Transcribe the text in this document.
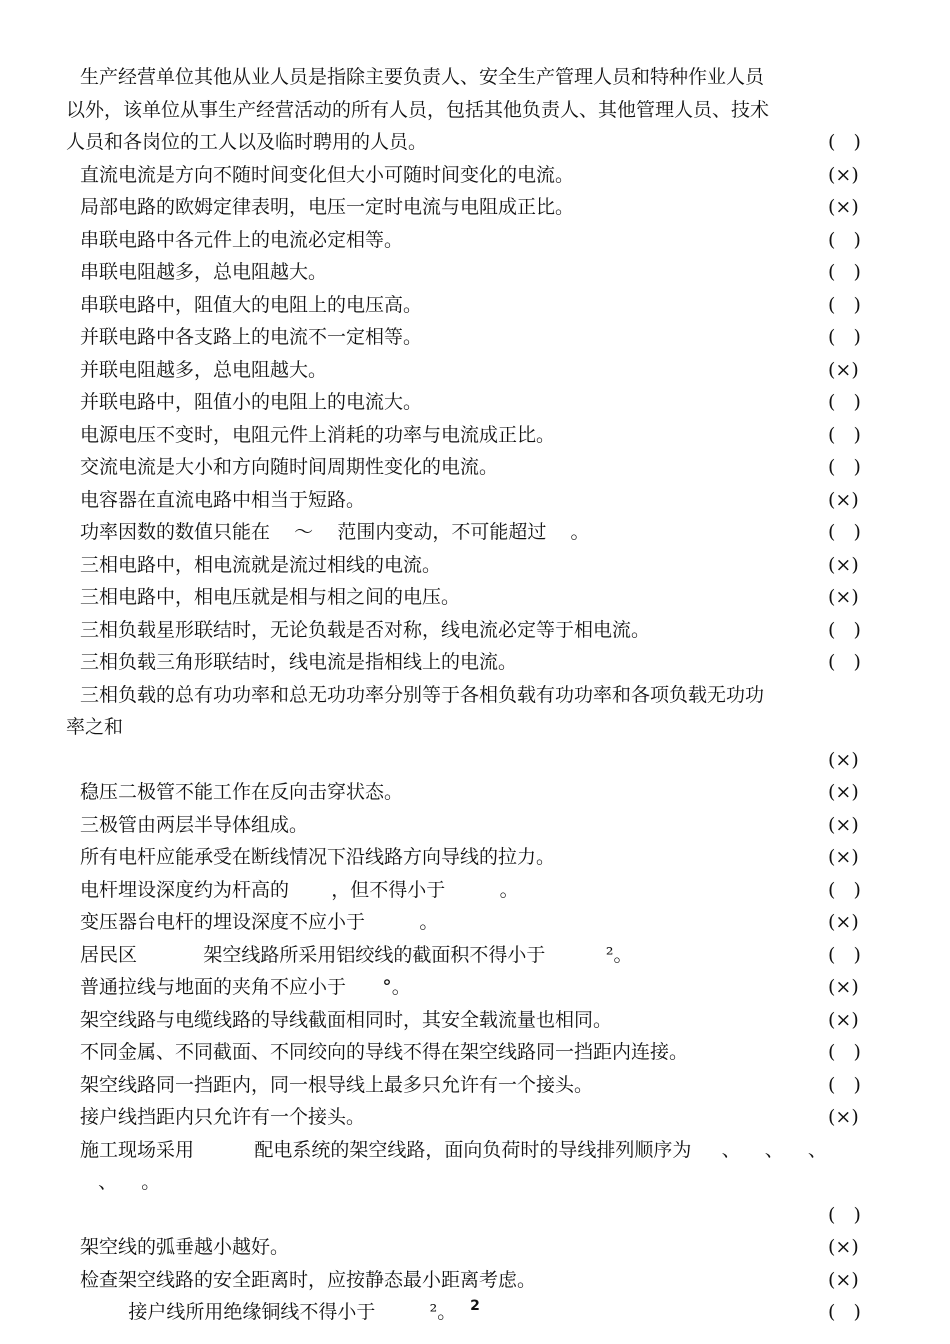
生产经营单位其他从业人员是指除主要负责人、安全生产管理人员和特种作业人员
以外，该单位从事生产经营活动的所有人员，包括其他负责人、其他管理人员、技术
人员和各岗位的工人以及临时聘用的人员。	(   )
直流电流是方向不随时间变化但大小可随时间变化的电流。	(×)
局部电路的欧姆定律表明，电压一定时电流与电阻成正比。	(×)
串联电路中各元件上的电流必定相等。	(   )
串联电阻越多，总电阻越大。	(   )
串联电路中，阻值大的电阻上的电压高。	(   )
并联电路中各支路上的电流不一定相等。	(   )
并联电阻越多，总电阻越大。	(×)
并联电路中，阻值小的电阻上的电流大。	(   )
电源电压不变时，电阻元件上消耗的功率与电流成正比。	(   )
交流电流是大小和方向随时间周期性变化的电流。	(   )
电容器在直流电路中相当于短路。	(×)
功率因数的数值只能在    ～    范围内变动，不可能超过    。	(   )
三相电路中，相电流就是流过相线的电流。	(×)
三相电路中，相电压就是相与相之间的电压。	(×)
三相负载星形联结时，无论负载是否对称，线电流必定等于相电流。	(   )
三相负载三角形联结时，线电流是指相线上的电流。	(   )
三相负载的总有功功率和总无功功率分别等于各相负载有功功率和各项负载无功功
率之和
(×)
稳压二极管不能工作在反向击穿状态。	(×)
三极管由两层半导体组成。	(×)
所有电杆应能承受在断线情况下沿线路方向导线的拉力。	(×)
电杆埋设深度约为杆高的       ，但不得小于         。	(   )
变压器台电杆的埋设深度不应小于         。	(×)
居民区           架空线路所采用铝绞线的截面积不得小于          ²。	(   )
普通拉线与地面的夹角不应小于      °。	(×)
架空线路与电缆线路的导线截面相同时，其安全载流量也相同。	(×)
不同金属、不同截面、不同绞向的导线不得在架空线路同一挡距内连接。	(   )
架空线路同一挡距内，同一根导线上最多只允许有一个接头。	(   )
接户线挡距内只允许有一个接头。	(×)
施工现场采用          配电系统的架空线路，面向负荷时的导线排列顺序为     、    、    、
、    。
(   )
架空线的弧垂越小越好。	(×)
检查架空线路的安全距离时，应按静态最小距离考虑。	(×)
接户线所用绝缘铜线不得小于         ²。	(   )
2
